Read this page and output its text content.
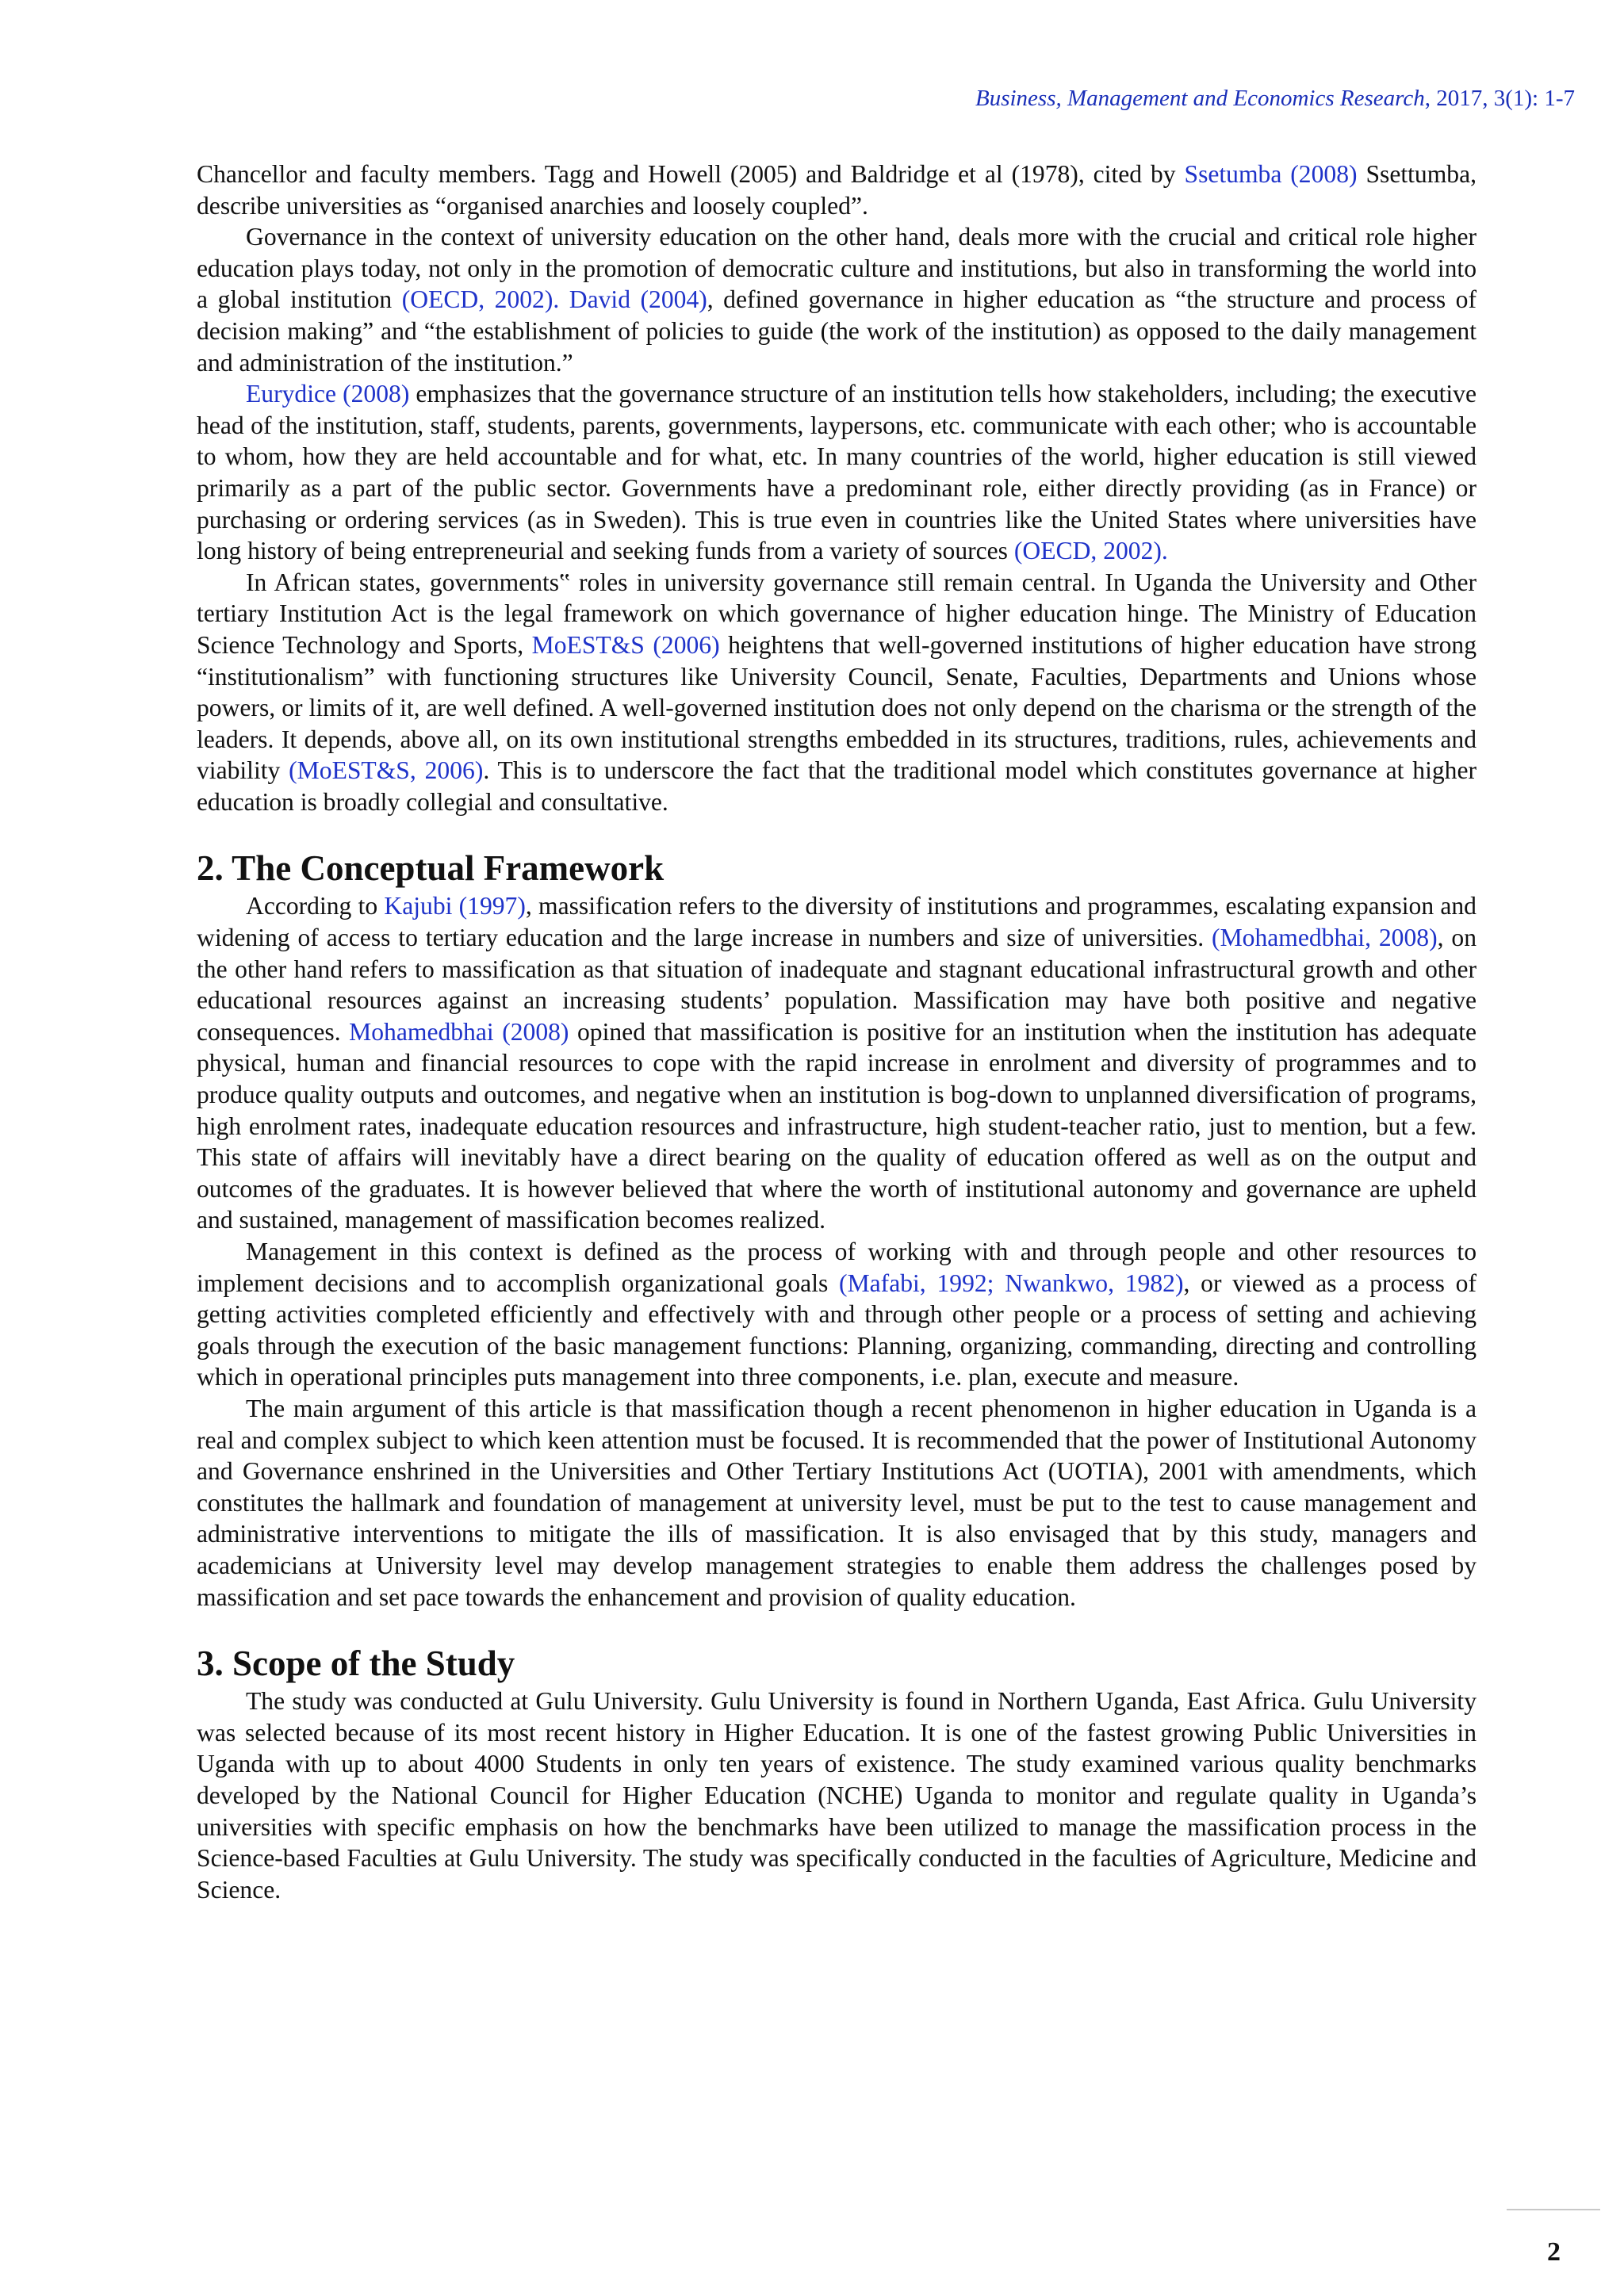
Business, Management and Economics Research, 2017, 3(1): 1-7

Chancellor and faculty members. Tagg and Howell (2005) and Baldridge et al (1978), cited by Ssetumba (2008) Ssettumba, describe universities as “organised anarchies and loosely coupled”.

Governance in the context of university education on the other hand, deals more with the crucial and critical role higher education plays today, not only in the promotion of democratic culture and institutions, but also in transforming the world into a global institution (OECD, 2002). David (2004), defined governance in higher education as “the structure and process of decision making” and “the establishment of policies to guide (the work of the institution) as opposed to the daily management and administration of the institution.”

Eurydice (2008) emphasizes that the governance structure of an institution tells how stakeholders, including; the executive head of the institution, staff, students, parents, governments, laypersons, etc. communicate with each other; who is accountable to whom, how they are held accountable and for what, etc. In many countries of the world, higher education is still viewed primarily as a part of the public sector. Governments have a predominant role, either directly providing (as in France) or purchasing or ordering services (as in Sweden). This is true even in countries like the United States where universities have long history of being entrepreneurial and seeking funds from a variety of sources (OECD, 2002).

In African states, governments‟ roles in university governance still remain central. In Uganda the University and Other tertiary Institution Act is the legal framework on which governance of higher education hinge. The Ministry of Education Science Technology and Sports, MoEST&S (2006) heightens that well-governed institutions of higher education have strong “institutionalism” with functioning structures like University Council, Senate, Faculties, Departments and Unions whose powers, or limits of it, are well defined. A well-governed institution does not only depend on the charisma or the strength of the leaders. It depends, above all, on its own institutional strengths embedded in its structures, traditions, rules, achievements and viability (MoEST&S, 2006). This is to underscore the fact that the traditional model which constitutes governance at higher education is broadly collegial and consultative.

2. The Conceptual Framework

According to Kajubi (1997), massification refers to the diversity of institutions and programmes, escalating expansion and widening of access to tertiary education and the large increase in numbers and size of universities. (Mohamedbhai, 2008), on the other hand refers to massification as that situation of inadequate and stagnant educational infrastructural growth and other educational resources against an increasing students’ population. Massification may have both positive and negative consequences. Mohamedbhai (2008) opined that massification is positive for an institution when the institution has adequate physical, human and financial resources to cope with the rapid increase in enrolment and diversity of programmes and to produce quality outputs and outcomes, and negative when an institution is bog-down to unplanned diversification of programs, high enrolment rates, inadequate education resources and infrastructure, high student-teacher ratio, just to mention, but a few. This state of affairs will inevitably have a direct bearing on the quality of education offered as well as on the output and outcomes of the graduates. It is however believed that where the worth of institutional autonomy and governance are upheld and sustained, management of massification becomes realized.

Management in this context is defined as the process of working with and through people and other resources to implement decisions and to accomplish organizational goals (Mafabi, 1992; Nwankwo, 1982), or viewed as a process of getting activities completed efficiently and effectively with and through other people or a process of setting and achieving goals through the execution of the basic management functions: Planning, organizing, commanding, directing and controlling which in operational principles puts management into three components, i.e. plan, execute and measure.

The main argument of this article is that massification though a recent phenomenon in higher education in Uganda is a real and complex subject to which keen attention must be focused. It is recommended that the power of Institutional Autonomy and Governance enshrined in the Universities and Other Tertiary Institutions Act (UOTIA), 2001 with amendments, which constitutes the hallmark and foundation of management at university level, must be put to the test to cause management and administrative interventions to mitigate the ills of massification. It is also envisaged that by this study, managers and academicians at University level may develop management strategies to enable them address the challenges posed by massification and set pace towards the enhancement and provision of quality education.

3. Scope of the Study

The study was conducted at Gulu University. Gulu University is found in Northern Uganda, East Africa. Gulu University was selected because of its most recent history in Higher Education. It is one of the fastest growing Public Universities in Uganda with up to about 4000 Students in only ten years of existence. The study examined various quality benchmarks developed by the National Council for Higher Education (NCHE) Uganda to monitor and regulate quality in Uganda’s universities with specific emphasis on how the benchmarks have been utilized to manage the massification process in the Science-based Faculties at Gulu University. The study was specifically conducted in the faculties of Agriculture, Medicine and Science.

2
